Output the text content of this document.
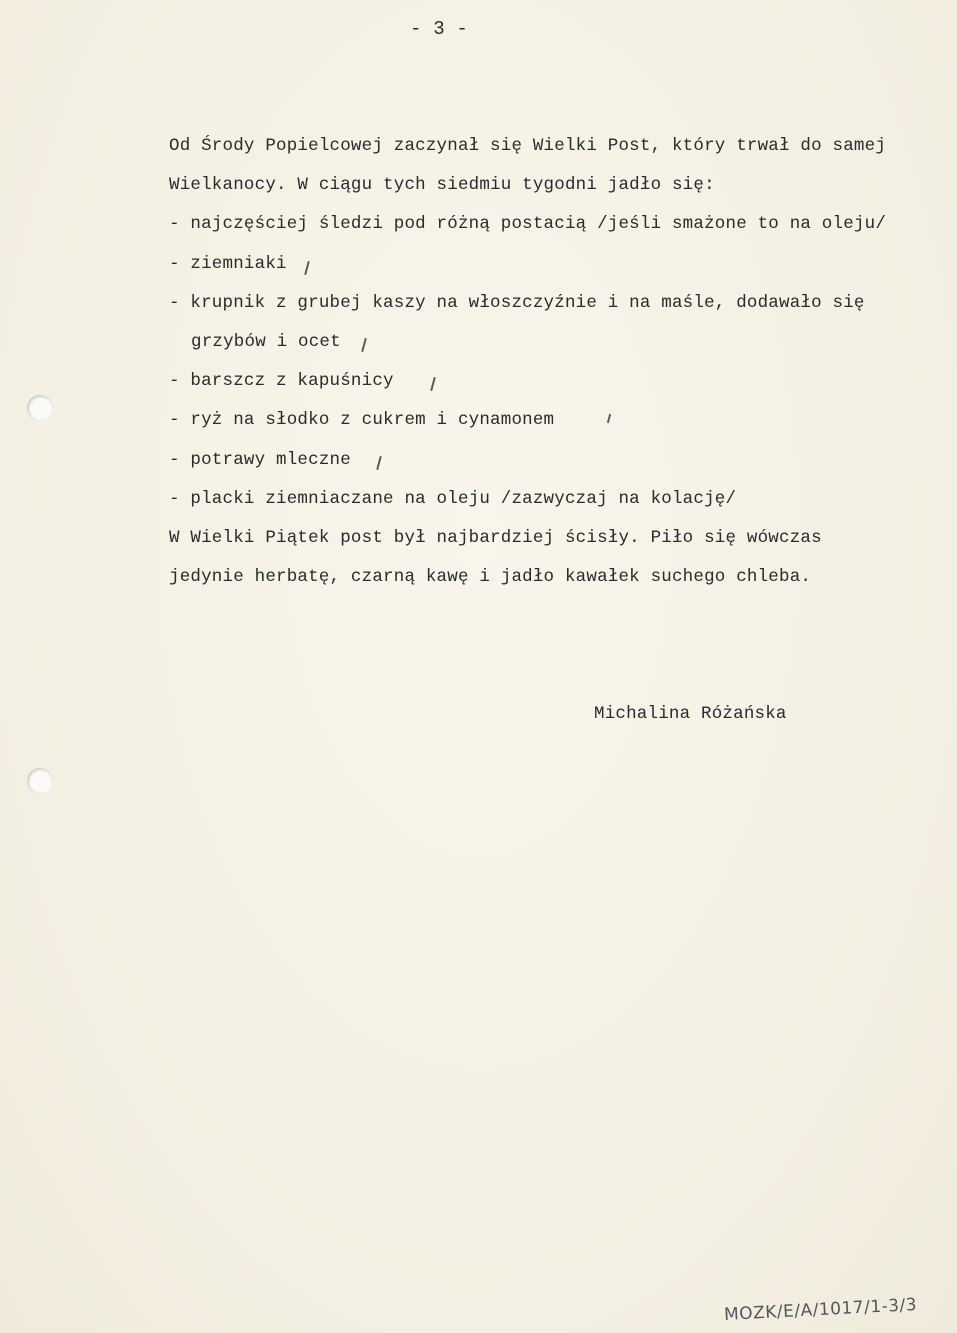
- 3 -
Od Środy Popielcowej zaczynał się Wielki Post, który trwał do samej
Wielkanocy. W ciągu tych siedmiu tygodni jadło się:
- najczęściej śledzi pod różną postacią /jeśli smażone to na oleju/
- ziemniaki
- krupnik z grubej kaszy na włoszczyźnie i na maśle, dodawało się
grzybów i ocet
- barszcz z kapuśnicy
- ryż na słodko z cukrem i cynamonem
- potrawy mleczne
- placki ziemniaczane na oleju /zazwyczaj na kolację/
W Wielki Piątek post był najbardziej ścisły. Piło się wówczas
jedynie herbatę, czarną kawę i jadło kawałek suchego chleba.
Michalina Różańska
MOZK/E/A/1017/1-3/3
